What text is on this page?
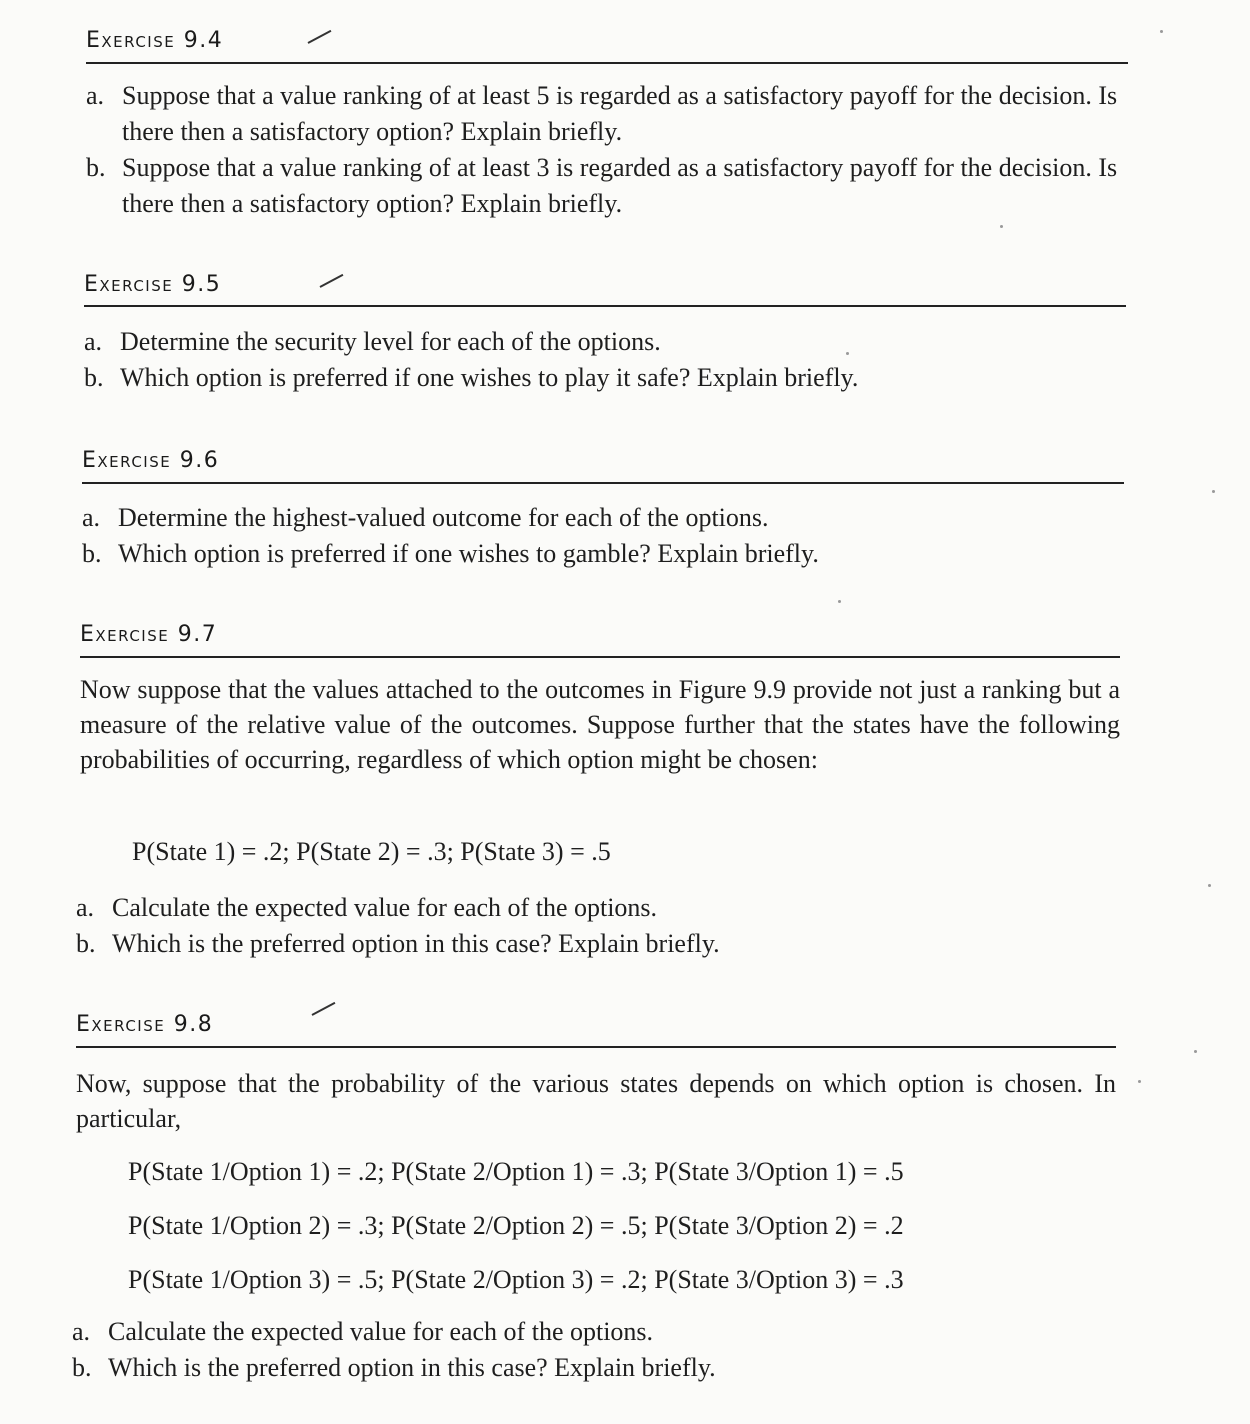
Exercise 9.4
a. Suppose that a value ranking of at least 5 is regarded as a satisfactory payoff for the decision. Is there then a satisfactory option? Explain briefly.
b. Suppose that a value ranking of at least 3 is regarded as a satisfactory payoff for the decision. Is there then a satisfactory option? Explain briefly.
Exercise 9.5
a. Determine the security level for each of the options.
b. Which option is preferred if one wishes to play it safe? Explain briefly.
Exercise 9.6
a. Determine the highest-valued outcome for each of the options.
b. Which option is preferred if one wishes to gamble? Explain briefly.
Exercise 9.7
Now suppose that the values attached to the outcomes in Figure 9.9 provide not just a ranking but a measure of the relative value of the outcomes. Suppose further that the states have the following probabilities of occurring, regardless of which option might be chosen:
P(State 1) = .2; P(State 2) = .3; P(State 3) = .5
a. Calculate the expected value for each of the options.
b. Which is the preferred option in this case? Explain briefly.
Exercise 9.8
Now, suppose that the probability of the various states depends on which option is chosen. In particular,
P(State 1/Option 1) = .2; P(State 2/Option 1) = .3; P(State 3/Option 1) = .5
P(State 1/Option 2) = .3; P(State 2/Option 2) = .5; P(State 3/Option 2) = .2
P(State 1/Option 3) = .5; P(State 2/Option 3) = .2; P(State 3/Option 3) = .3
a. Calculate the expected value for each of the options.
b. Which is the preferred option in this case? Explain briefly.
